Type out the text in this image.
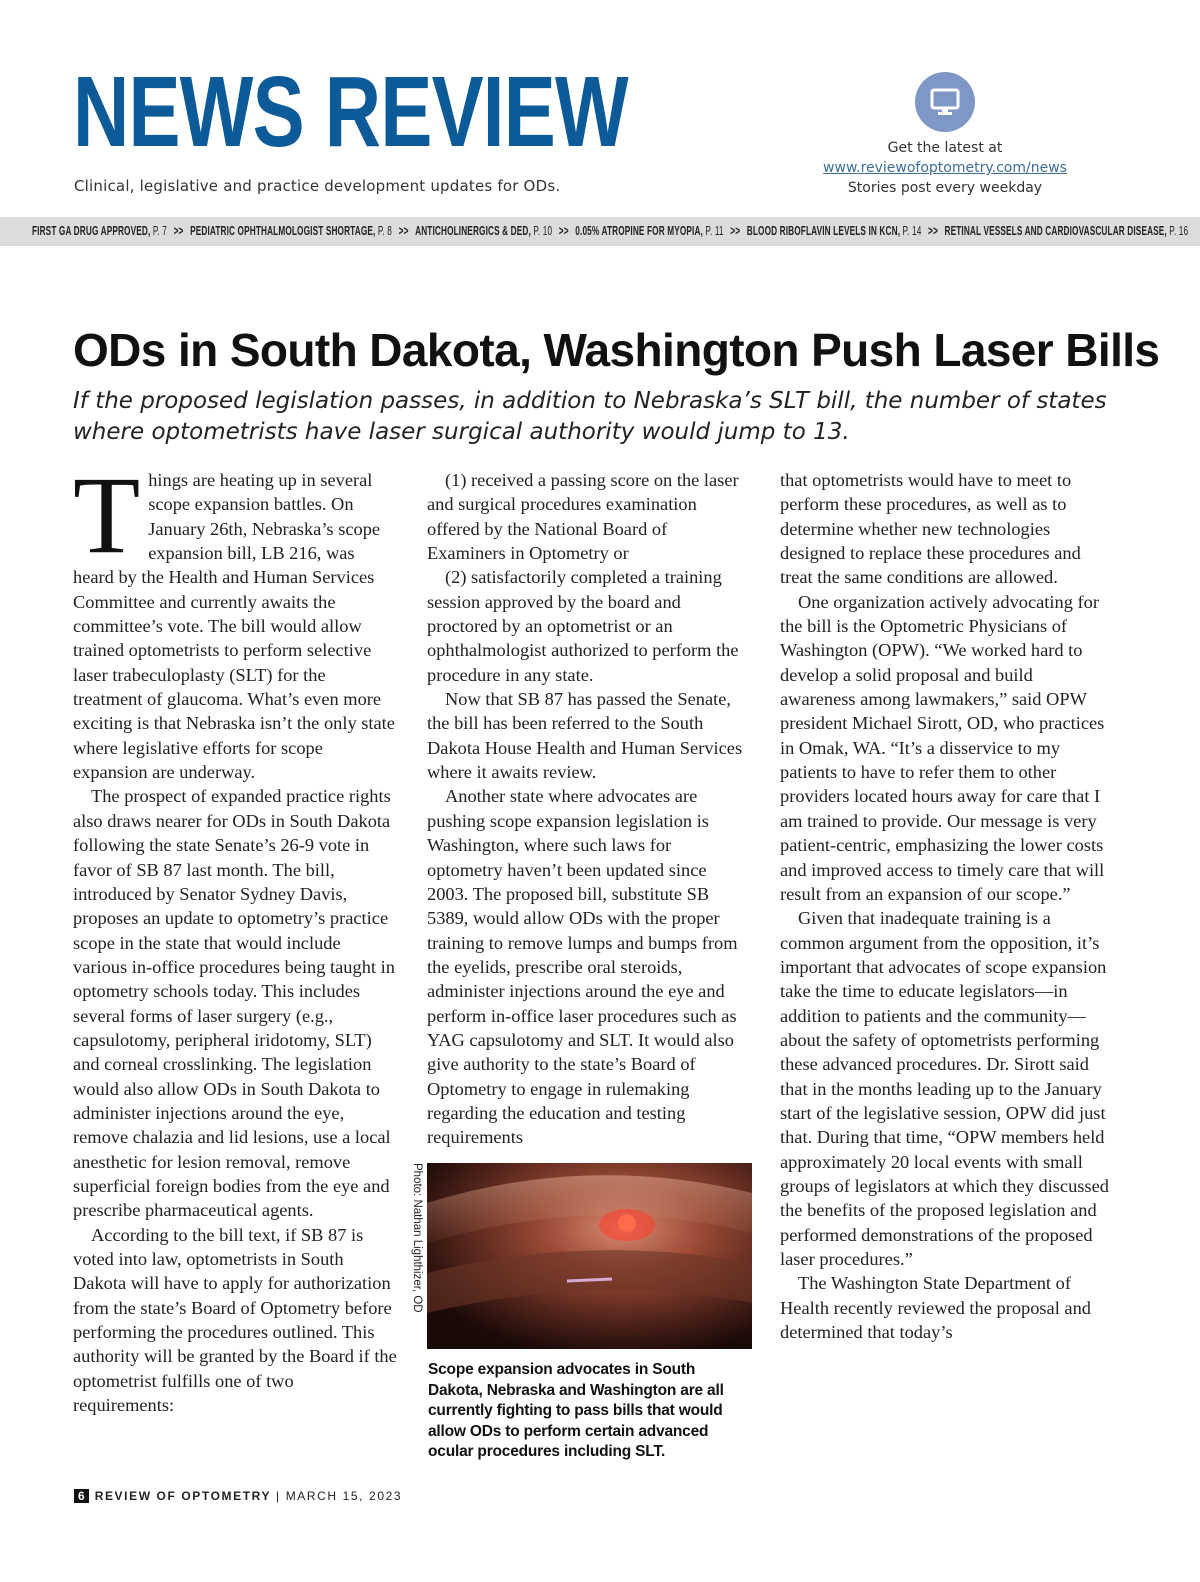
NEWS REVIEW
Clinical, legislative and practice development updates for ODs.
Get the latest at
www.reviewofoptometry.com/news
Stories post every weekday
FIRST GA DRUG APPROVED, P. 7 >> PEDIATRIC OPHTHALMOLOGIST SHORTAGE, P. 8 >> ANTICHOLINERGICS & DED, P. 10 >> 0.05% ATROPINE FOR MYOPIA, P. 11 >> BLOOD RIBOFLAVIN LEVELS IN KCN, P. 14 >> RETINAL VESSELS AND CARDIOVASCULAR DISEASE, P. 16
ODs in South Dakota, Washington Push Laser Bills
If the proposed legislation passes, in addition to Nebraska’s SLT bill, the number of states where optometrists have laser surgical authority would jump to 13.

Things are heating up in several scope expansion battles. On January 26th, Nebraska’s scope expansion bill, LB 216, was heard by the Health and Human Services Committee and currently awaits the committee’s vote. The bill would allow trained optometrists to perform selective laser trabeculoplasty (SLT) for the treatment of glaucoma. What’s even more exciting is that Nebraska isn’t the only state where legislative efforts for scope expansion are underway.

The prospect of expanded practice rights also draws nearer for ODs in South Dakota following the state Senate’s 26-9 vote in favor of SB 87 last month. The bill, introduced by Senator Sydney Davis, proposes an update to optometry’s practice scope in the state that would include various in-office procedures being taught in optometry schools today. This includes several forms of laser surgery (e.g., capsulotomy, peripheral iridotomy, SLT) and corneal crosslinking. The legislation would also allow ODs in South Dakota to administer injections around the eye, remove chalazia and lid lesions, use a local anesthetic for lesion removal, remove superficial foreign bodies from the eye and prescribe pharmaceutical agents.

According to the bill text, if SB 87 is voted into law, optometrists in South Dakota will have to apply for authorization from the state’s Board of Optometry before performing the procedures outlined. This authority will be granted by the Board if the optometrist fulfills one of two requirements:

(1) received a passing score on the laser and surgical procedures examination offered by the National Board of Examiners in Optometry or

(2) satisfactorily completed a training session approved by the board and proctored by an optometrist or an ophthalmologist authorized to perform the procedure in any state.

Now that SB 87 has passed the Senate, the bill has been referred to the South Dakota House Health and Human Services where it awaits review.

Another state where advocates are pushing scope expansion legislation is Washington, where such laws for optometry haven’t been updated since 2003. The proposed bill, substitute SB 5389, would allow ODs with the proper training to remove lumps and bumps from the eyelids, prescribe oral steroids, administer injections around the eye and perform in-office laser procedures such as YAG capsulotomy and SLT. It would also give authority to the state’s Board of Optometry to engage in rulemaking regarding the education and testing requirements

that optometrists would have to meet to perform these procedures, as well as to determine whether new technologies designed to replace these procedures and treat the same conditions are allowed.

One organization actively advocating for the bill is the Optometric Physicians of Washington (OPW). “We worked hard to develop a solid proposal and build awareness among lawmakers,” said OPW president Michael Sirott, OD, who practices in Omak, WA. “It’s a disservice to my patients to have to refer them to other providers located hours away for care that I am trained to provide. Our message is very patient-centric, emphasizing the lower costs and improved access to timely care that will result from an expansion of our scope.”

Given that inadequate training is a common argument from the opposition, it’s important that advocates of scope expansion take the time to educate legislators—in addition to patients and the community—about the safety of optometrists performing these advanced procedures. Dr. Sirott said that in the months leading up to the January start of the legislative session, OPW did just that. During that time, “OPW members held approximately 20 local events with small groups of legislators at which they discussed the benefits of the proposed legislation and performed demonstrations of the proposed laser procedures.”

The Washington State Department of Health recently reviewed the proposal and determined that today’s

Photo: Nathan Lighthizer, OD
Scope expansion advocates in South Dakota, Nebraska and Washington are all currently fighting to pass bills that would allow ODs to perform certain advanced ocular procedures including SLT.
6 REVIEW OF OPTOMETRY | MARCH 15, 2023
